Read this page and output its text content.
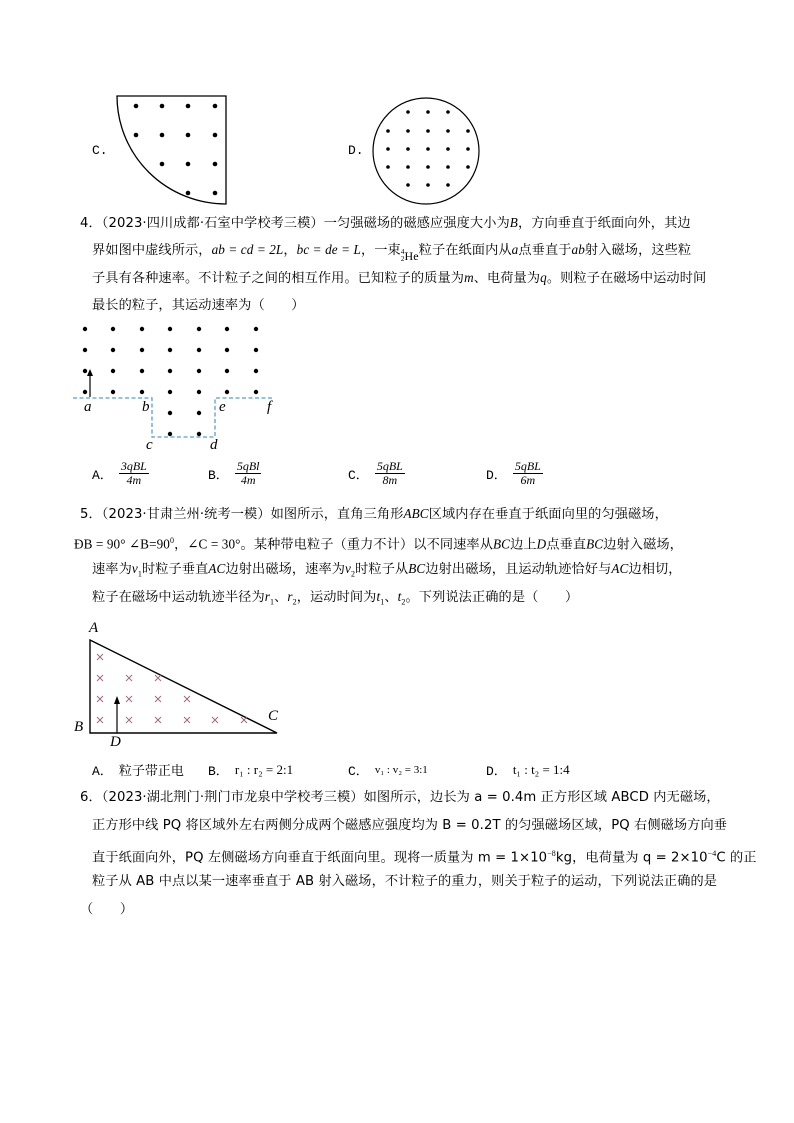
C.	D.
4．（2023·四川成都·石室中学校考三模）一匀强磁场的磁感应强度大小为B，方向垂直于纸面向外，其边
界如图中虚线所示，ab = cd = 2L，bc = de = L，一束 4
2 He 粒子在纸面内从a点垂直于ab射入磁场，这些粒
子具有各种速率。不计粒子之间的相互作用。已知粒子的质量为m、电荷量为q。则粒子在磁场中运动时间
最长的粒子，其运动速率为（　　）
a	b
c	d
e	f
A． $\frac{\text{3qBL}}{4m}$	B． $\frac{\text{5qBl}}{4m}$	C． $\frac{\text{5qBL}}{8m}$	D． $\frac{\text{5qBL}}{6m}$
5．（2023·甘肃兰州·统考一模）如图所示，直角三角形ABC区域内存在垂直于纸面向里的匀强磁场，
ÐB = 90° $\angle B=90^0$，∠C = 30°。某种带电粒子（重力不计）以不同速率从BC边上D点垂直BC边射入磁场，
速率为$v_1$时粒子垂直AC边射出磁场，速率为$v_2$时粒子从BC边射出磁场，且运动轨迹恰好与AC边相切，
粒子在磁场中运动轨迹半径为$r_1$、$r_2$，运动时间为$t_1$、$t_2$。下列说法正确的是（　　）
A
B
C
D
A． 粒子带正电 B． r₁ : r₂ = 2:1	C． v₁ : v₂ = 3:1	D． t₁ : t₂ = 1:4
6．（2023·湖北荆门·荆门市龙泉中学校考三模）如图所示，边长为 a = 0.4m 正方形区域 ABCD 内无磁场，
正方形中线 PQ 将区域外左右两侧分成两个磁感应强度均为 B = 0.2T 的匀强磁场区域，PQ 右侧磁场方向垂
直于纸面向外，PQ 左侧磁场方向垂直于纸面向里。现将一质量为 $m = 1\times 10^{-8}kg$，电荷量为 $q = 2\times 10^{-4}C$ 的正
粒子从 AB 中点以某一速率垂直于 AB 射入磁场，不计粒子的重力，则关于粒子的运动，下列说法正确的是
（　　）
